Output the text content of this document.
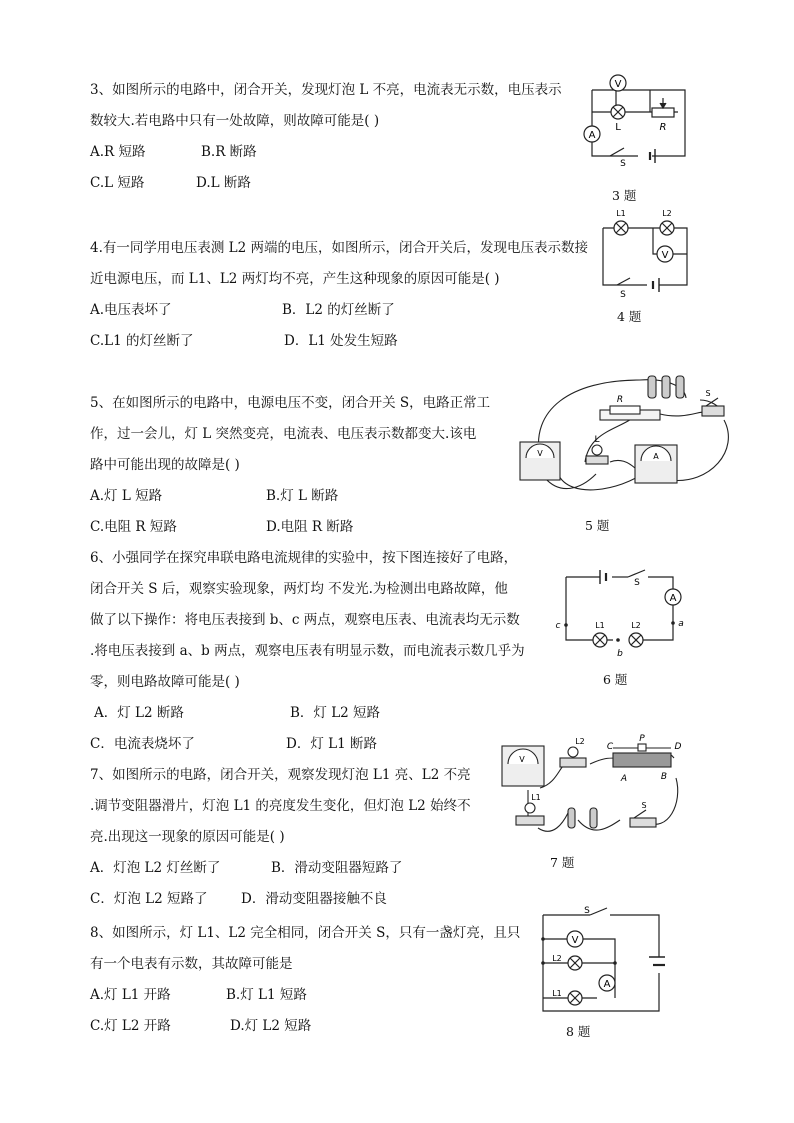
3、如图所示的电路中，闭合开关，发现灯泡 L 不亮，电流表无示数，电压表示
数较大.若电路中只有一处故障，则故障可能是( )
A.R 短路	B.R 断路
C.L 短路	D.L 断路
V
A
L	R
S
3 题
4.有一同学用电压表测 L2 两端的电压，如图所示，闭合开关后，发现电压表示数接
近电源电压，而 L1、L2 两灯均不亮，产生这种现象的原因可能是( )
A.电压表坏了	B．L2 的灯丝断了
C.L1 的灯丝断了	D．L1 处发生短路
L1	L2
V
S
4 题
5、在如图所示的电路中，电源电压不变，闭合开关 S，电路正常工
作，过一会儿，灯 L 突然变亮，电流表、电压表示数都变大.该电
路中可能出现的故障是( )
A.灯 L 短路	B.灯 L 断路
C.电阻 R 短路	D.电阻 R 断路
V	A
L
R
S
5 题
6、小强同学在探究串联电路电流规律的实验中，按下图连接好了电路，
闭合开关 S 后，观察实验现象，两灯均 不发光.为检测出电路故障，他
做了以下操作：将电压表接到 b、c 两点，观察电压表、电流表均无示数
.将电压表接到 a、b 两点，观察电压表有明显示数，而电流表示数几乎为
零，则电路故障可能是( )
A．灯 L2 断路	B．灯 L2 短路
C．电流表烧坏了	D．灯 L1 断路
S
A
L1	L2
c
b
a
6 题
7、如图所示的电路，闭合开关，观察发现灯泡 L1 亮、L2 不亮
.调节变阻器滑片，灯泡 L1 的亮度发生变化，但灯泡 L2 始终不
亮.出现这一现象的原因可能是( )
A．灯泡 L2 灯丝断了	B．滑动变阻器短路了
C．灯泡 L2 短路了 D．滑动变阻器接触不良
V
L2
L1
C
P
D
A	B
S
7 题
8、如图所示，灯 L1、L2 完全相同，闭合开关 S，只有一盏灯亮，且只
有一个电表有示数，其故障可能是
A.灯 L1 开路	B.灯 L1 短路
C.灯 L2 开路	D.灯 L2 短路
S
V
L2
L1
A
8 题
